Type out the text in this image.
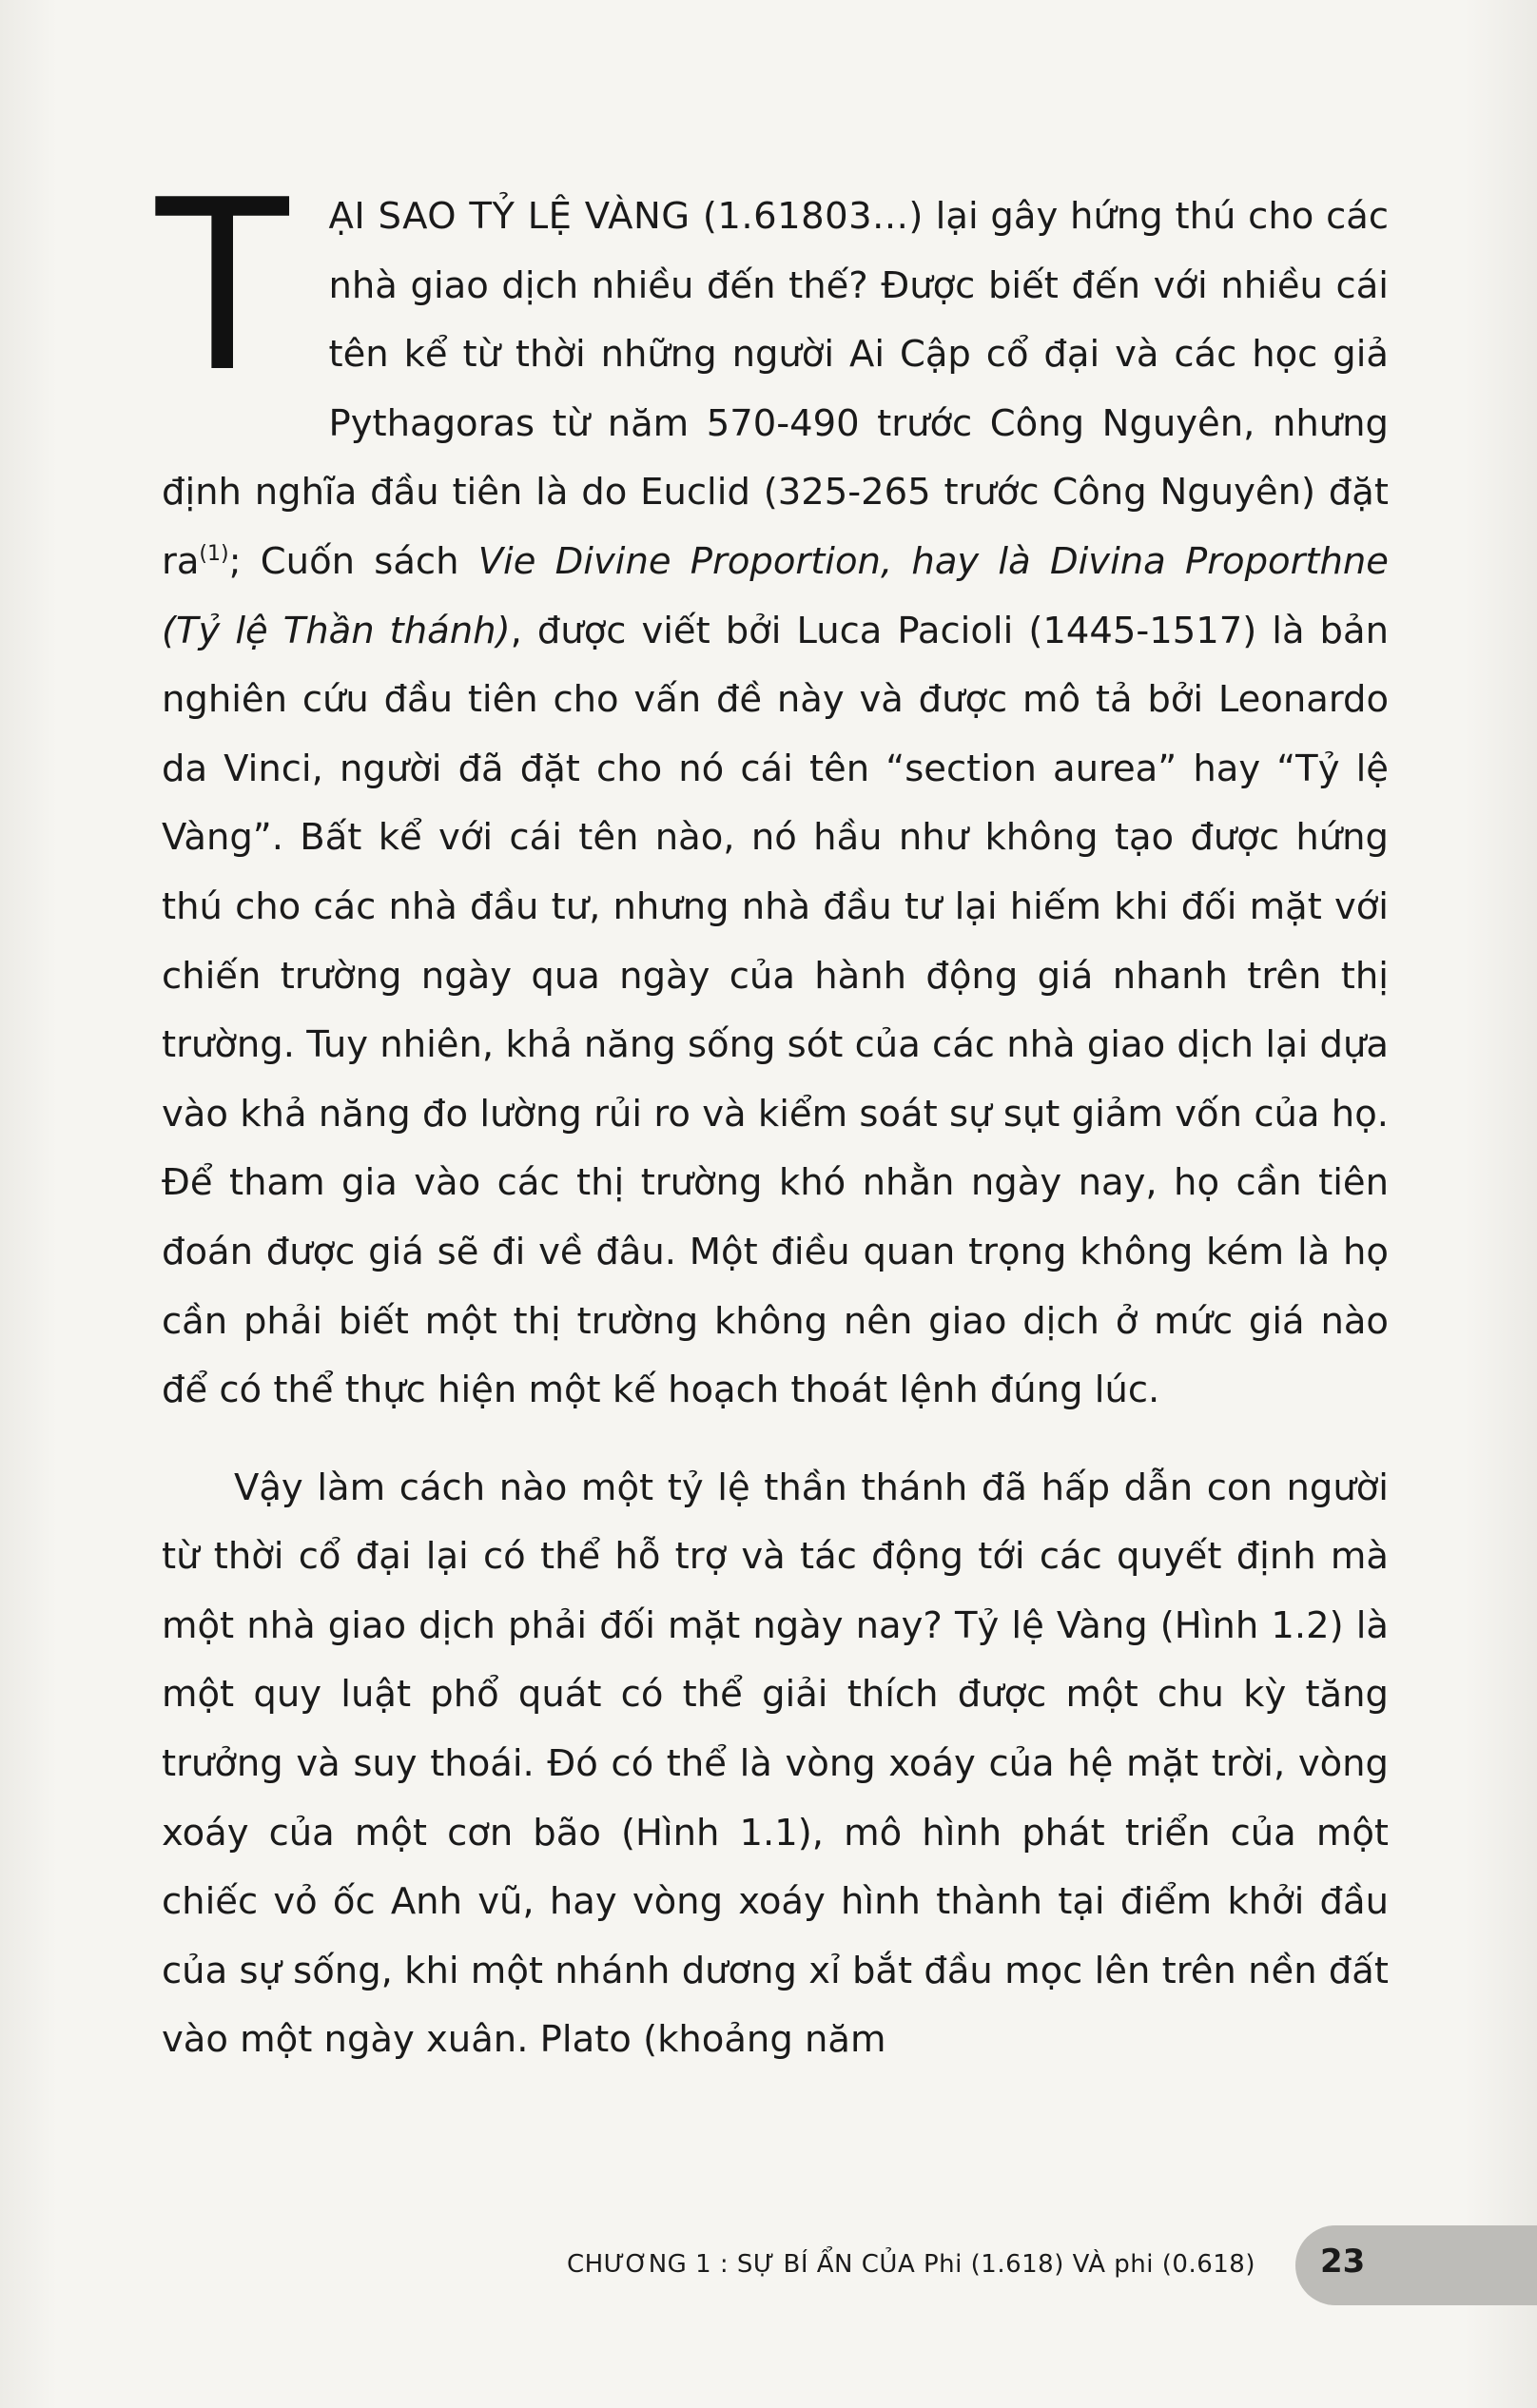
T	ẠI SAO TỶ LỆ VÀNG (1.61803...) lại gây hứng thú cho các nhà giao dịch nhiều đến thế? Được biết đến với nhiều cái tên kể từ thời những người Ai Cập cổ đại và các học giả Pythagoras từ năm 570-490 trước Công Nguyên, nhưng định nghĩa đầu tiên là do Euclid (325-265 trước Công Nguyên) đặt $ra^{(1)}$; Cuốn sách Vie Divine Proportion, hay là Divina Proporthne (Tỷ lệ Thần thánh), được viết bởi Luca Pacioli (1445-1517) là bản nghiên cứu đầu tiên cho vấn đề này và được mô tả bởi Leonardo da Vinci, người đã đặt cho nó cái tên “section aurea” hay “Tỷ lệ Vàng”. Bất kể với cái tên nào, nó hầu như không tạo được hứng thú cho các nhà đầu tư, nhưng nhà đầu tư lại hiếm khi đối mặt với chiến trường ngày qua ngày của hành động giá nhanh trên thị trường. Tuy nhiên, khả năng sống sót của các nhà giao dịch lại dựa vào khả năng đo lường rủi ro và kiểm soát sự sụt giảm vốn của họ. Để tham gia vào các thị trường khó nhằn ngày nay, họ cần tiên đoán được giá sẽ đi về đâu. Một điều quan trọng không kém là họ cần phải biết một thị trường không nên giao dịch ở mức giá nào để có thể thực hiện một kế hoạch thoát lệnh đúng lúc.

Vậy làm cách nào một tỷ lệ thần thánh đã hấp dẫn con người từ thời cổ đại lại có thể hỗ trợ và tác động tới các quyết định mà một nhà giao dịch phải đối mặt ngày nay? Tỷ lệ Vàng (Hình 1.2) là một quy luật phổ quát có thể giải thích được một chu kỳ tăng trưởng và suy thoái. Đó có thể là vòng xoáy của hệ mặt trời, vòng xoáy của một cơn bão (Hình 1.1), mô hình phát triển của một chiếc vỏ ốc Anh vũ, hay vòng xoáy hình thành tại điểm khởi đầu của sự sống, khi một nhánh dương xỉ bắt đầu mọc lên trên nền đất vào một ngày xuân. Plato (khoảng năm

CHƯƠNG 1 : SỰ BÍ ẨN CỦA Phi (1.618) VÀ phi (0.618) 23
